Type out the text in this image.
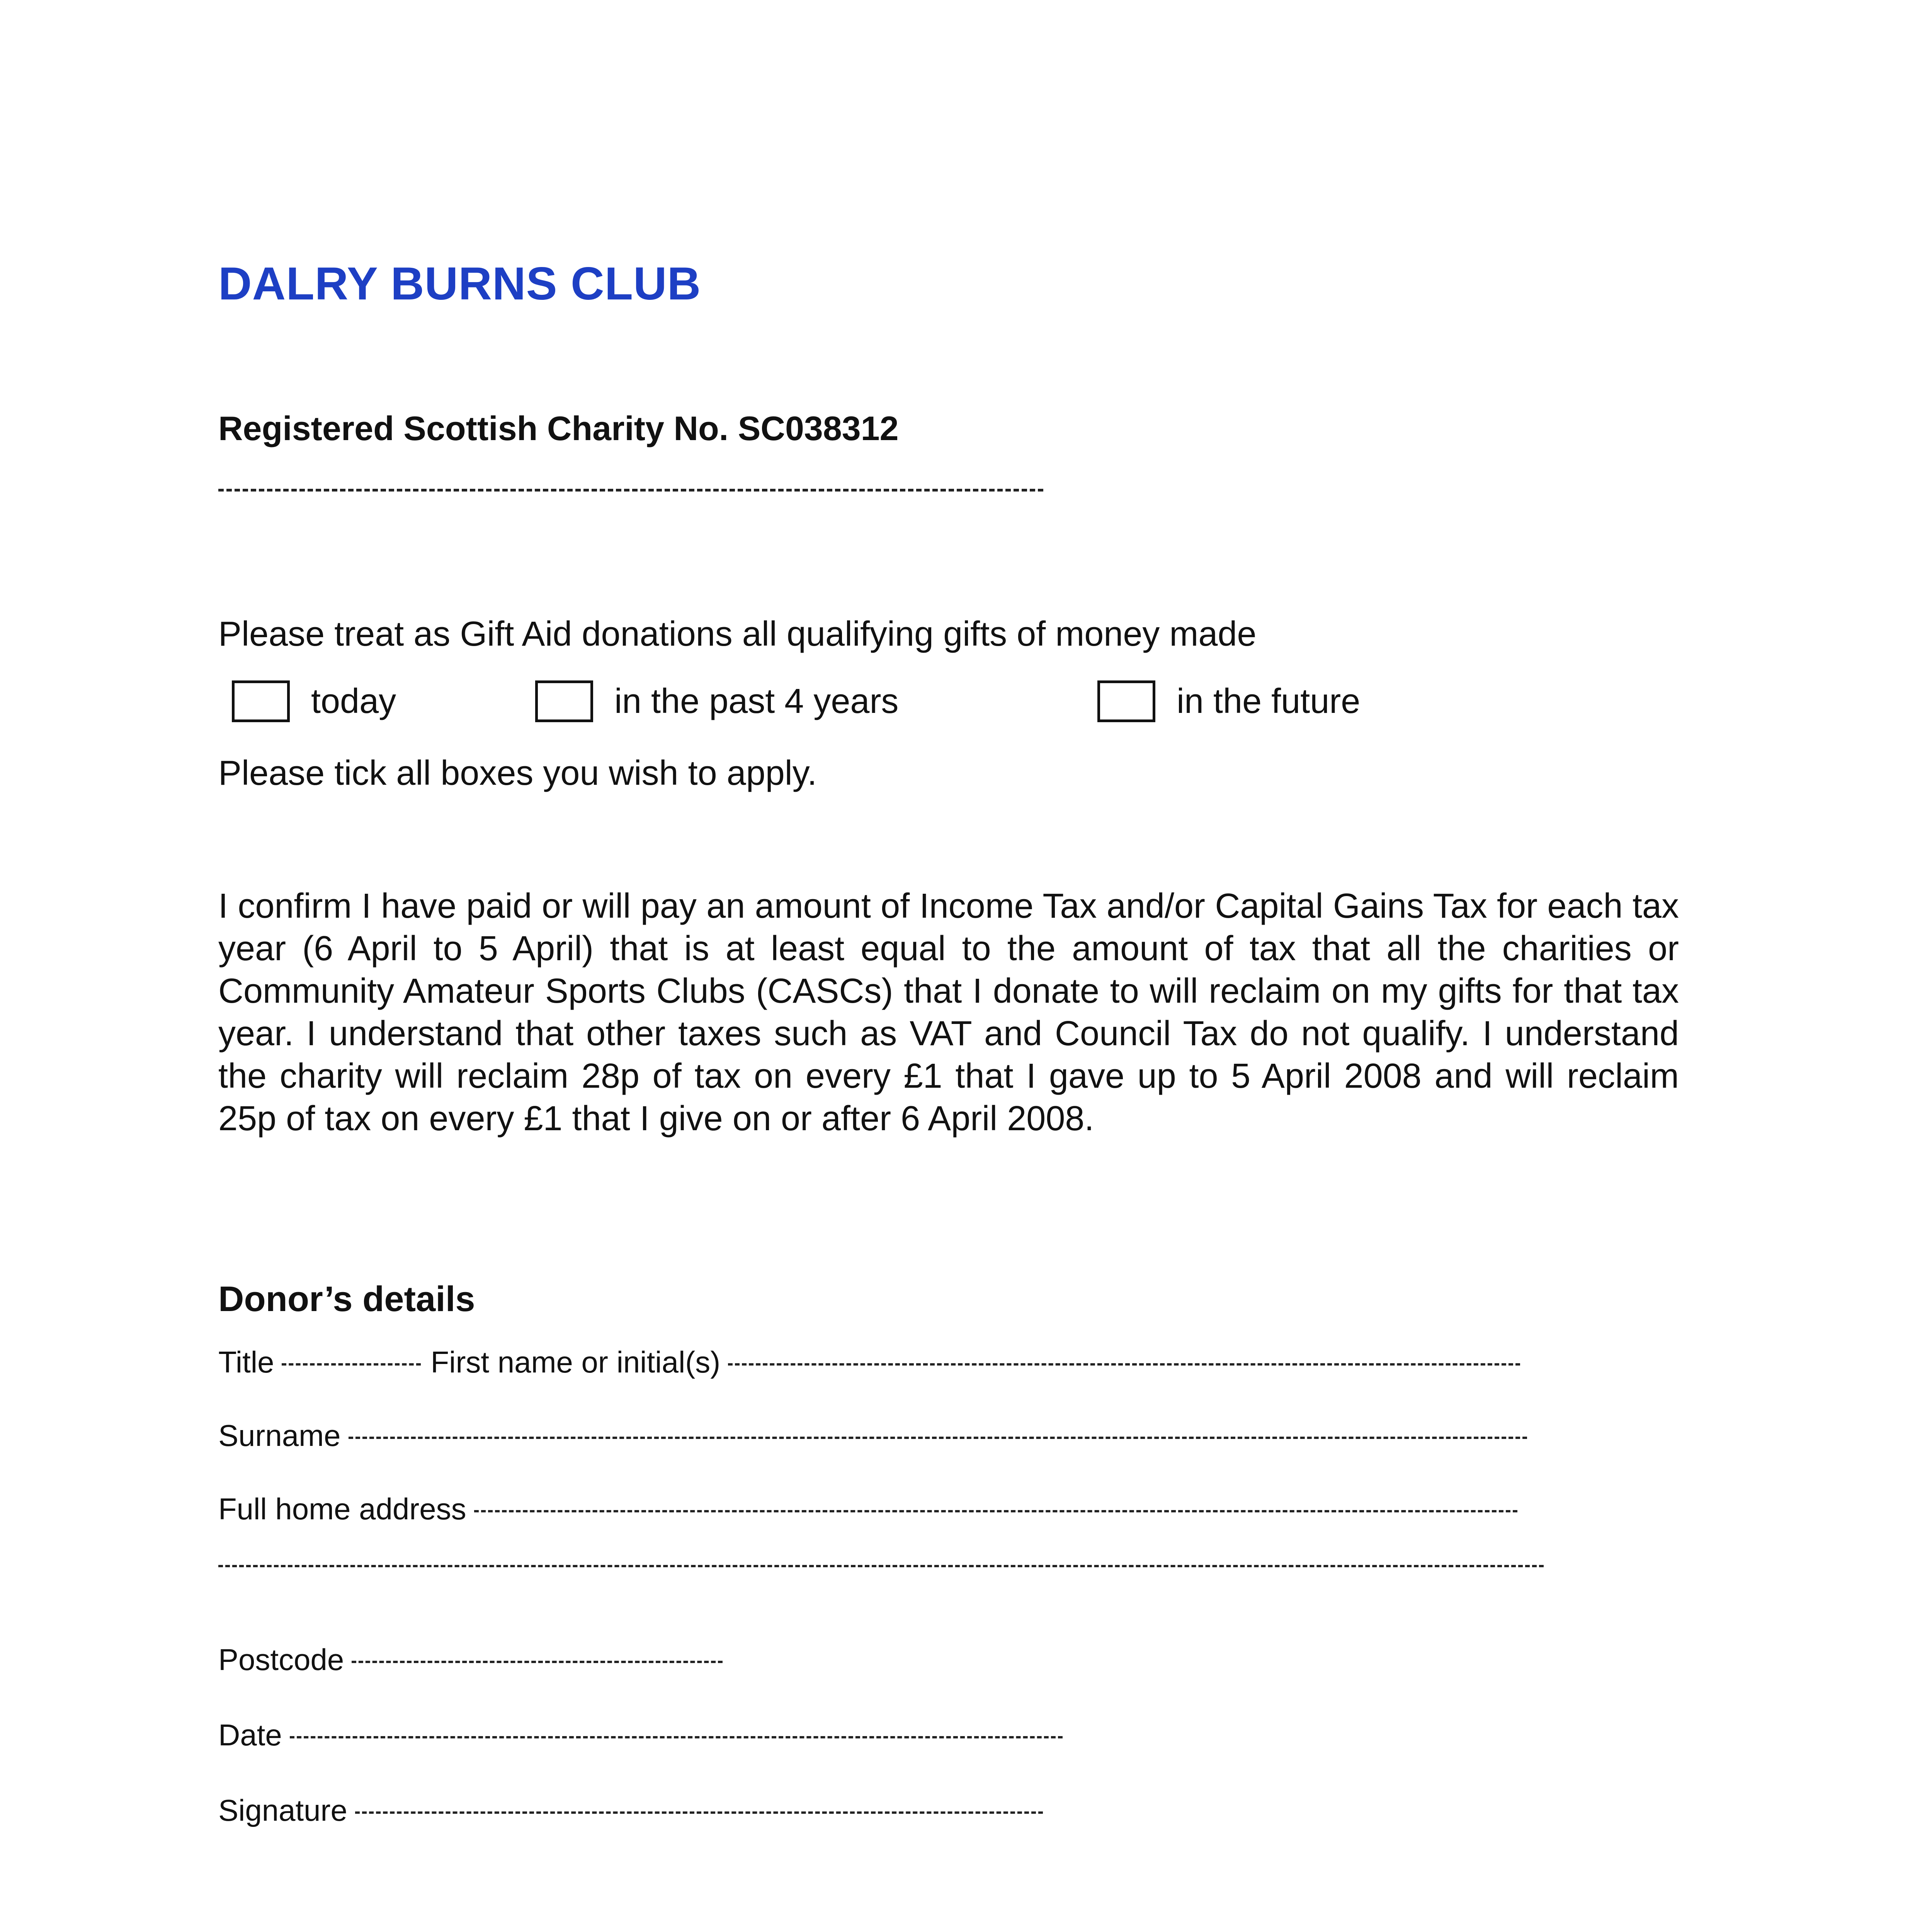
DALRY BURNS CLUB
Registered Scottish Charity No. SC038312
Please treat as Gift Aid donations all qualifying gifts of money made
today	in the past 4 years	in the future
Please tick all boxes you wish to apply.
I confirm I have paid or will pay an amount of Income Tax and/or Capital Gains Tax for each tax year (6 April to 5 April) that is at least equal to the amount of tax that all the charities or Community Amateur Sports Clubs (CASCs) that I donate to will reclaim on my gifts for that tax year. I understand that other taxes such as VAT and Council Tax do not qualify. I understand the charity will reclaim 28p of tax on every £1 that I gave up to 5 April 2008 and will reclaim 25p of tax on every £1 that I give on or after 6 April 2008.
Donor’s details
Title	First name or initial(s)
Surname
Full home address
Postcode
Date
Signature
